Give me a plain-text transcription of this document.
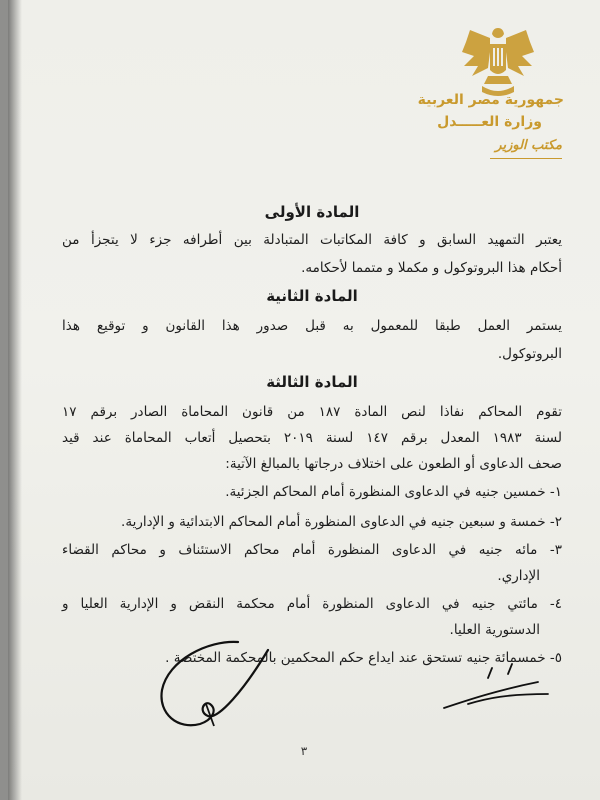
جمهورية مصر العربية
وزارة العـــــدل
مكتب الوزير
المادة الأولى
يعتبر التمهيد السابق و كافة المكاتبات المتبادلة بين أطرافه جزء لا يتجزأ من
أحكام هذا البروتوكول و مكملا و متمما لأحكامه.
المادة الثانية
يستمر العمل طبقا للمعمول به قبل صدور هذا القانون و توقيع هذا
البروتوكول.
المادة الثالثة
تقوم المحاكم نفاذا لنص المادة ١٨٧ من قانون المحاماة الصادر برقم ١٧
لسنة ١٩٨٣ المعدل برقم ١٤٧ لسنة ٢٠١٩ بتحصيل أتعاب المحاماة عند قيد
صحف الدعاوى أو الطعون على اختلاف درجاتها بالمبالغ الآتية:
١- خمسين جنيه في الدعاوى المنظورة أمام المحاكم الجزئية.
٢- خمسة و سبعين جنيه في الدعاوى المنظورة أمام المحاكم الابتدائية و الإدارية.
٣- مائه جنيه في الدعاوى المنظورة أمام محاكم الاستئناف و محاكم القضاء
الإداري.
٤- مائتي جنيه في الدعاوى المنظورة أمام محكمة النقض و الإدارية العليا و
الدستورية العليا.
٥- خمسمائة جنيه تستحق عند ايداع حكم المحكمين بالمحكمة المختصة .
٣
